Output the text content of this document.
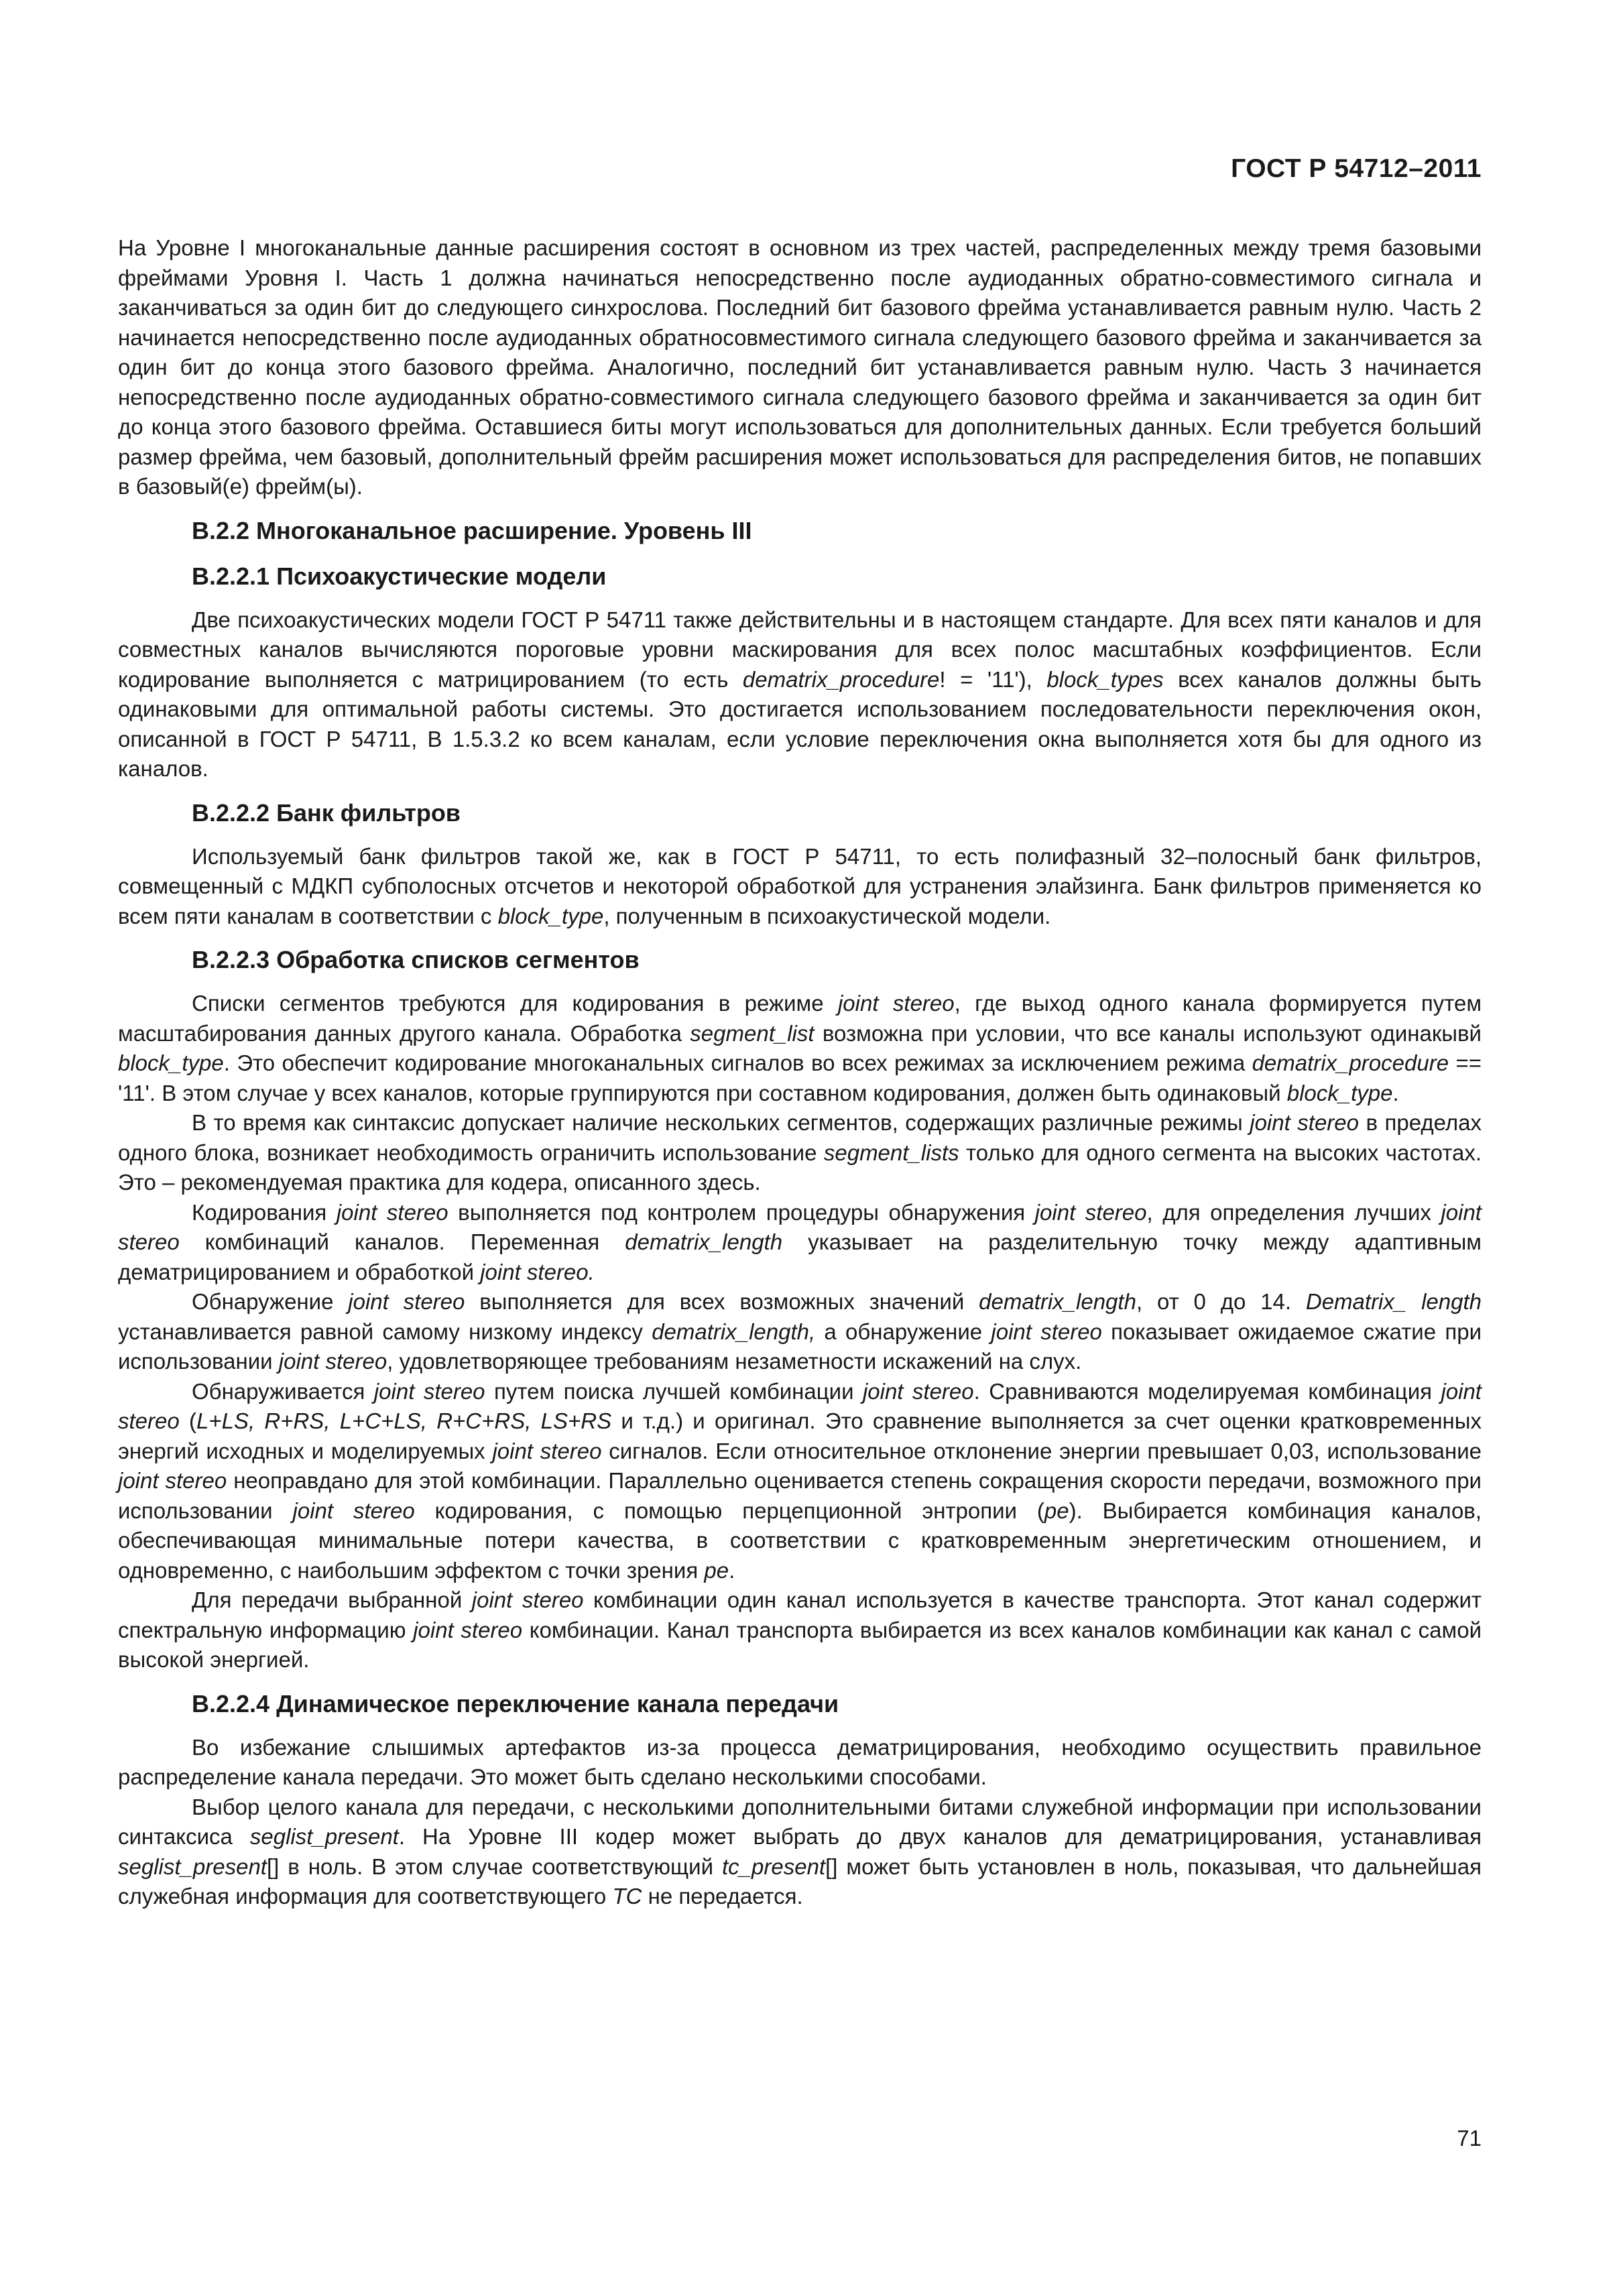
ГОСТ Р 54712–2011

На Уровне I многоканальные данные расширения состоят в основном из трех частей, распределенных между тремя базовыми фреймами Уровня I. Часть 1 должна начинаться непосредственно после аудиоданных обратно-совместимого сигнала и заканчиваться за один бит до следующего синхрослова. Последний бит базового фрейма устанавливается равным нулю. Часть 2 начинается непосредственно после аудиоданных обратносовместимого сигнала следующего базового фрейма и заканчивается за один бит до конца этого базового фрейма. Аналогично, последний бит устанавливается равным нулю. Часть 3 начинается непосредственно после аудиоданных обратно-совместимого сигнала следующего базового фрейма и заканчивается за один бит до конца этого базового фрейма. Оставшиеся биты могут использоваться для дополнительных данных. Если требуется больший размер фрейма, чем базовый, дополнительный фрейм расширения может использоваться для распределения битов, не попавших в базовый(е) фрейм(ы).

B.2.2 Многоканальное расширение. Уровень III
B.2.2.1 Психоакустические модели

Две психоакустических модели ГОСТ Р 54711 также действительны и в настоящем стандарте. Для всех пяти каналов и для совместных каналов вычисляются пороговые уровни маскирования для всех полос масштабных коэффициентов. Если кодирование выполняется с матрицированием (то есть dematrix_procedure! = '11'), block_types всех каналов должны быть одинаковыми для оптимальной работы системы. Это достигается использованием последовательности переключения окон, описанной в ГОСТ Р 54711, В 1.5.3.2 ко всем каналам, если условие переключения окна выполняется хотя бы для одного из каналов.

B.2.2.2 Банк фильтров

Используемый банк фильтров такой же, как в ГОСТ Р 54711, то есть полифазный 32–полосный банк фильтров, совмещенный с МДКП субполосных отсчетов и некоторой обработкой для устранения элайзинга. Банк фильтров применяется ко всем пяти каналам в соответствии с block_type, полученным в психоакустической модели.

B.2.2.3 Обработка списков сегментов

Списки сегментов требуются для кодирования в режиме joint stereo, где выход одного канала формируется путем масштабирования данных другого канала. Обработка segment_list возможна при условии, что все каналы используют одинакывй block_type. Это обеспечит кодирование многоканальных сигналов во всех режимах за исключением режима dematrix_procedure == '11'. В этом случае у всех каналов, которые группируются при составном кодирования, должен быть одинаковый block_type.

В то время как синтаксис допускает наличие нескольких сегментов, содержащих различные режимы joint stereo в пределах одного блока, возникает необходимость ограничить использование segment_lists только для одного сегмента на высоких частотах. Это – рекомендуемая практика для кодера, описанного здесь.

Кодирования joint stereo выполняется под контролем процедуры обнаружения joint stereo, для определения лучших joint stereo комбинаций каналов. Переменная dematrix_length указывает на разделительную точку между адаптивным дематрицированием и обработкой joint stereo.

Обнаружение joint stereo выполняется для всех возможных значений dematrix_length, от 0 до 14. Dematrix_ length устанавливается равной самому низкому индексу dematrix_length, а обнаружение joint stereo показывает ожидаемое сжатие при использовании joint stereo, удовлетворяющее требованиям незаметности искажений на слух.

Обнаруживается joint stereo путем поиска лучшей комбинации joint stereo. Сравниваются моделируемая комбинация joint stereo (L+LS, R+RS, L+C+LS, R+C+RS, LS+RS и т.д.) и оригинал. Это сравнение выполняется за счет оценки кратковременных энергий исходных и моделируемых joint stereo сигналов. Если относительное отклонение энергии превышает 0,03, использование joint stereo неоправдано для этой комбинации. Параллельно оценивается степень сокращения скорости передачи, возможного при использовании joint stereo кодирования, с помощью перцепционной энтропии (pe). Выбирается комбинация каналов, обеспечивающая минимальные потери качества, в соответствии с кратковременным энергетическим отношением, и одновременно, с наибольшим эффектом с точки зрения pe.

Для передачи выбранной joint stereo комбинации один канал используется в качестве транспорта. Этот канал содержит спектральную информацию joint stereo комбинации. Канал транспорта выбирается из всех каналов комбинации как канал с самой высокой энергией.

B.2.2.4 Динамическое переключение канала передачи

Во избежание слышимых артефактов из-за процесса дематрицирования, необходимо осуществить правильное распределение канала передачи. Это может быть сделано несколькими способами.

Выбор целого канала для передачи, с несколькими дополнительными битами служебной информации при использовании синтаксиса seglist_present. На Уровне III кодер может выбрать до двух каналов для дематрицирования, устанавливая seglist_present[] в ноль. В этом случае соответствующий tc_present[] может быть установлен в ноль, показывая, что дальнейшая служебная информация для соответствующего TC не передается.

71
